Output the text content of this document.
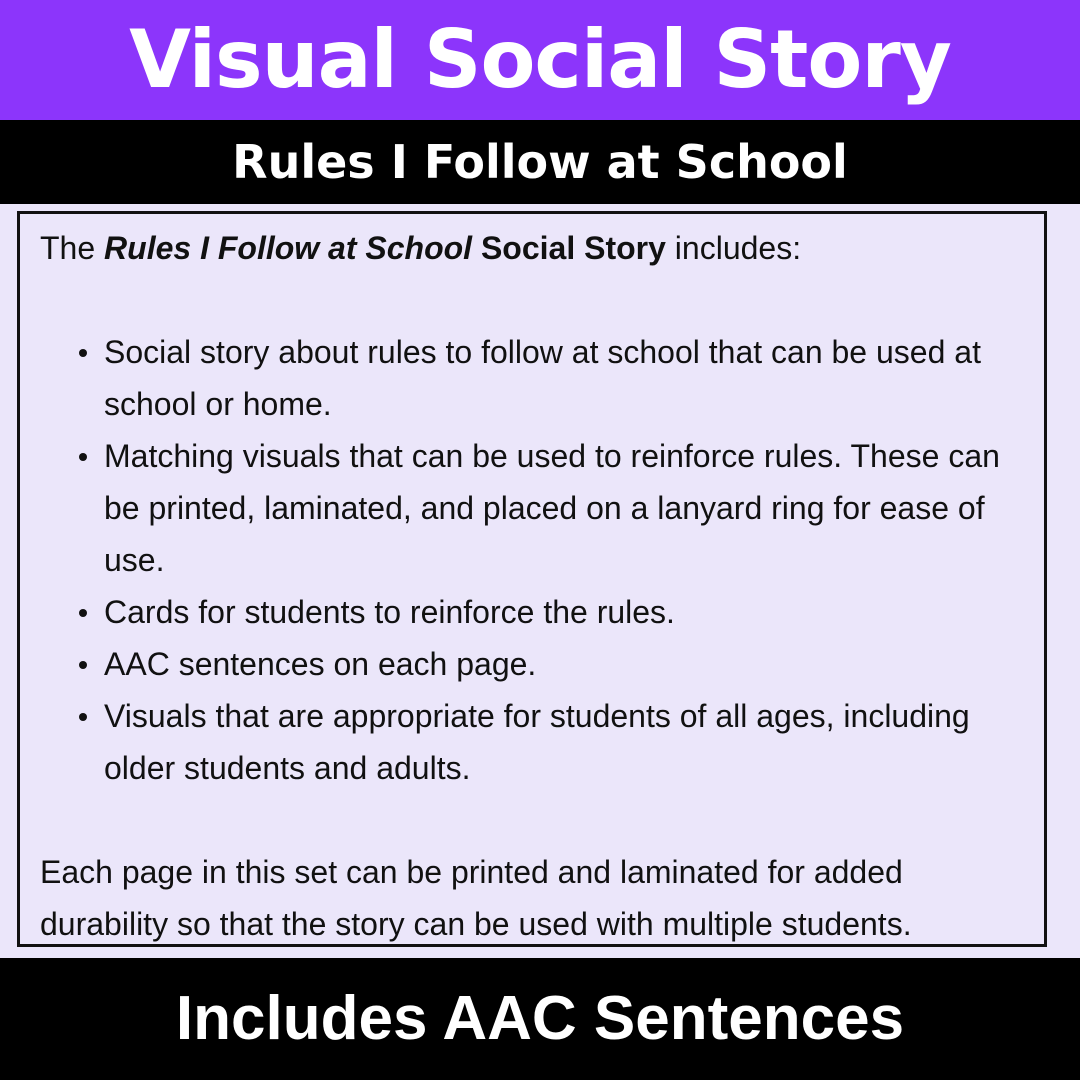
Visual Social Story
Rules I Follow at School

The Rules I Follow at School Social Story includes:

Social story about rules to follow at school that can be used at school or home.
Matching visuals that can be used to reinforce rules. These can be printed, laminated, and placed on a lanyard ring for ease of use.
Cards for students to reinforce the rules.
AAC sentences on each page.
Visuals that are appropriate for students of all ages, including older students and adults.

Each page in this set can be printed and laminated for added durability so that the story can be used with multiple students.

Includes AAC Sentences
